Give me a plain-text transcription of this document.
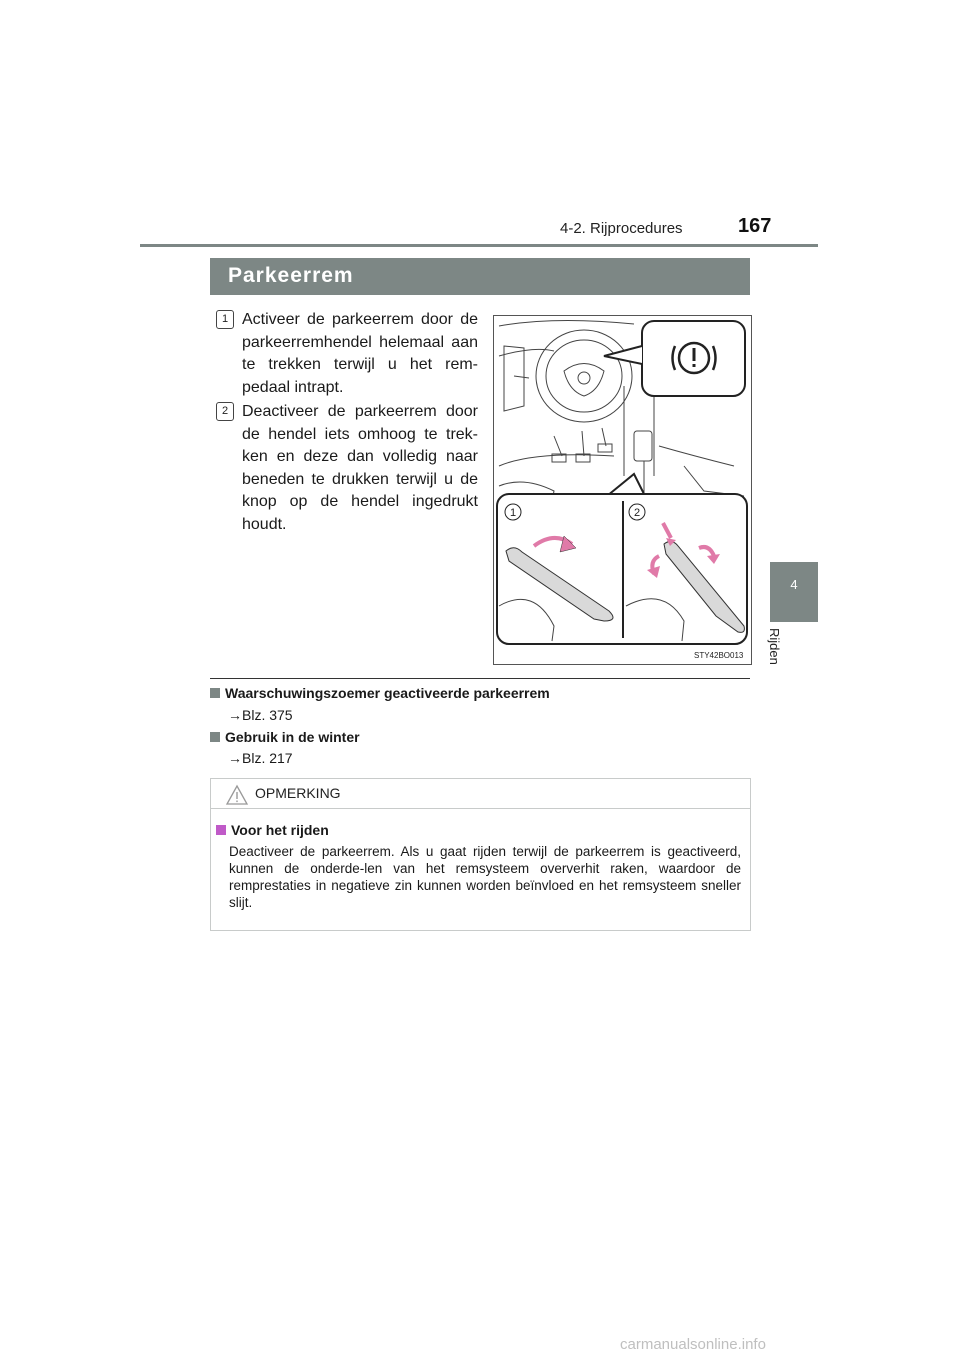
4-2. Rijprocedures	167
4
Rijden
Parkeerrem
1 Activeer de parkeerrem door de parkeerremhendel helemaal aan te trekken terwijl u het rem-pedaal intrapt.
2 Deactiveer de parkeerrem door de hendel iets omhoog te trek-ken en deze dan volledig naar beneden te drukken terwijl u de knop op de hendel ingedrukt houdt.
1	2
STY42BO013
Waarschuwingszoemer geactiveerde parkeerrem
→Blz. 375
Gebruik in de winter
→Blz. 217
OPMERKING
Voor het rijden
Deactiveer de parkeerrem. Als u gaat rijden terwijl de parkeerrem is geactiveerd, kunnen de onderde-len van het remsysteem oververhit raken, waardoor de remprestaties in negatieve zin kunnen worden beïnvloed en het remsysteem sneller slijt.
carmanualsonline.info
